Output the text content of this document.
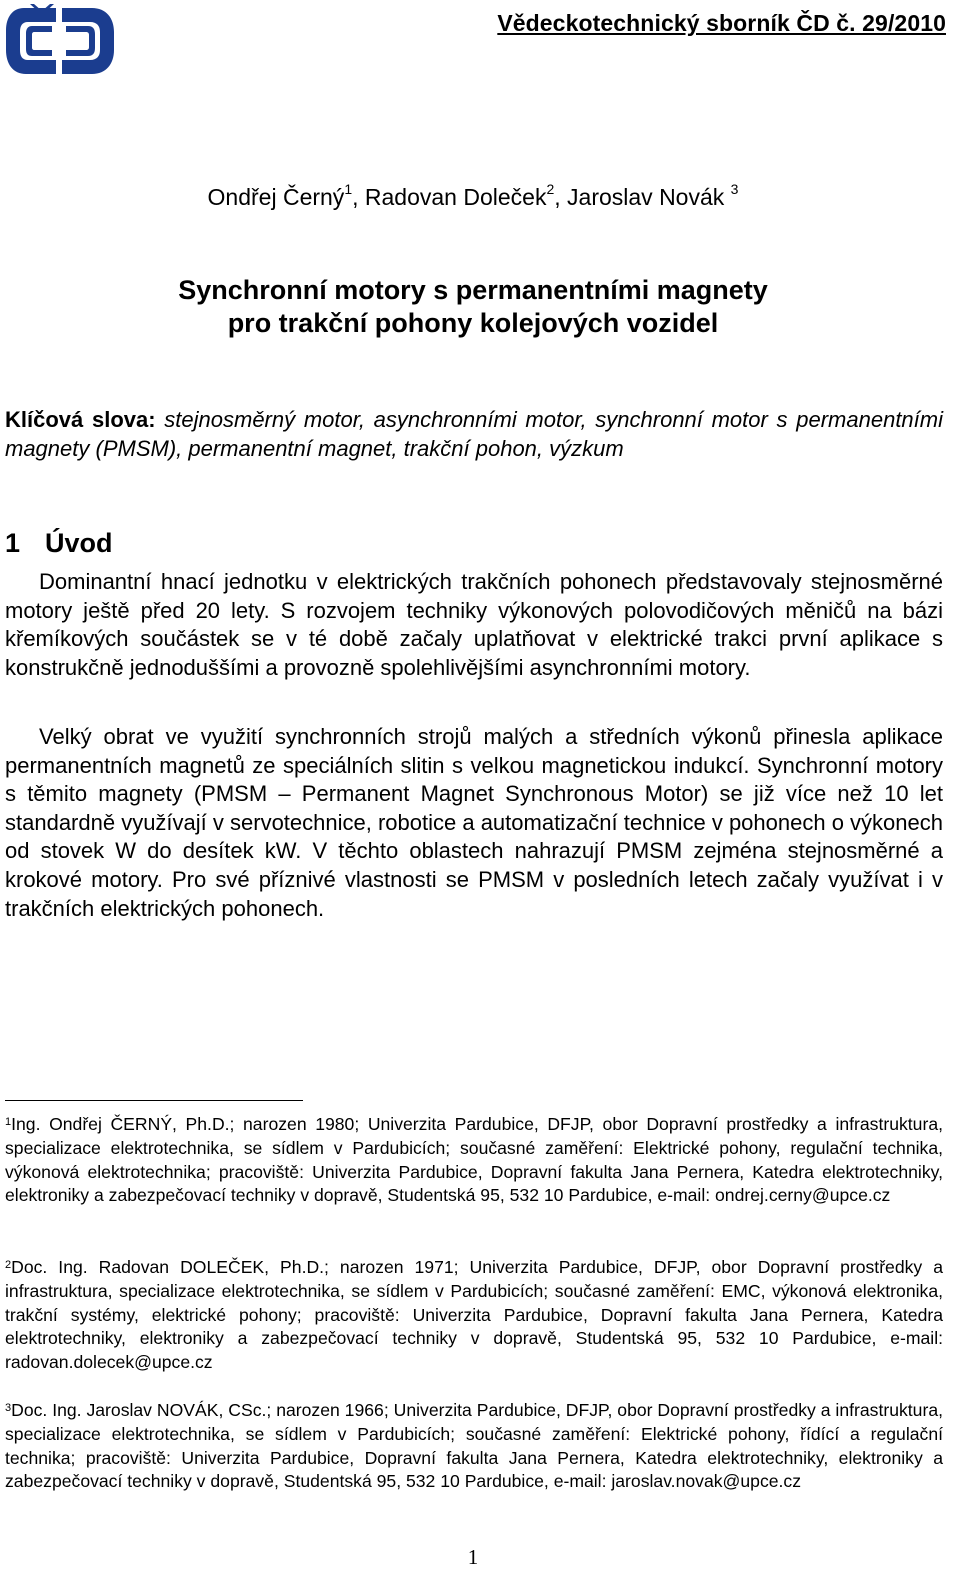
Vědeckotechnický sborník ČD č. 29/2010
Ondřej Černý$^1$, Radovan Doleček$^2$, Jaroslav Novák $^3$
Synchronní motory s permanentními magnety
pro trakční pohony kolejových vozidel
Klíčová slova: stejnosměrný motor, asynchronními motor, synchronní motor s permanentními magnety (PMSM), permanentní magnet, trakční pohon, výzkum
1 Úvod
Dominantní hnací jednotku v elektrických trakčních pohonech představovaly stejnosměrné motory ještě před 20 lety. S rozvojem techniky výkonových polovodičových měničů na bázi křemíkových součástek se v té době začaly uplatňovat v elektrické trakci první aplikace s konstrukčně jednoduššími a provozně spolehlivějšími asynchronními motory.
Velký obrat ve využití synchronních strojů malých a středních výkonů přinesla aplikace permanentních magnetů ze speciálních slitin s velkou magnetickou indukcí. Synchronní motory s těmito magnety (PMSM – Permanent Magnet Synchronous Motor) se již více než 10 let standardně využívají v servotechnice, robotice a automatizační technice v pohonech o výkonech od stovek W do desítek kW. V těchto oblastech nahrazují PMSM zejména stejnosměrné a krokové motory. Pro své příznivé vlastnosti se PMSM v posledních letech začaly využívat i v trakčních elektrických pohonech.
$^1$Ing. Ondřej ČERNÝ, Ph.D.; narozen 1980; Univerzita Pardubice, DFJP, obor Dopravní prostředky a infrastruktura, specializace elektrotechnika, se sídlem v Pardubicích; současné zaměření: Elektrické pohony, regulační technika, výkonová elektrotechnika; pracoviště: Univerzita Pardubice, Dopravní fakulta Jana Pernera, Katedra elektrotechniky, elektroniky a zabezpečovací techniky v dopravě, Studentská 95, 532 10 Pardubice, e-mail: ondrej.cerny@upce.cz
$^2$Doc. Ing. Radovan DOLEČEK, Ph.D.; narozen 1971; Univerzita Pardubice, DFJP, obor Dopravní prostředky a infrastruktura, specializace elektrotechnika, se sídlem v Pardubicích; současné zaměření: EMC, výkonová elektronika, trakční systémy, elektrické pohony; pracoviště: Univerzita Pardubice, Dopravní fakulta Jana Pernera, Katedra elektrotechniky, elektroniky a zabezpečovací techniky v dopravě, Studentská 95, 532 10 Pardubice, e-mail: radovan.dolecek@upce.cz
$^3$Doc. Ing. Jaroslav NOVÁK, CSc.; narozen 1966; Univerzita Pardubice, DFJP, obor Dopravní prostředky a infrastruktura, specializace elektrotechnika, se sídlem v Pardubicích; současné zaměření: Elektrické pohony, řídící a regulační technika; pracoviště: Univerzita Pardubice, Dopravní fakulta Jana Pernera, Katedra elektrotechniky, elektroniky a zabezpečovací techniky v dopravě, Studentská 95, 532 10 Pardubice, e-mail: jaroslav.novak@upce.cz
1
